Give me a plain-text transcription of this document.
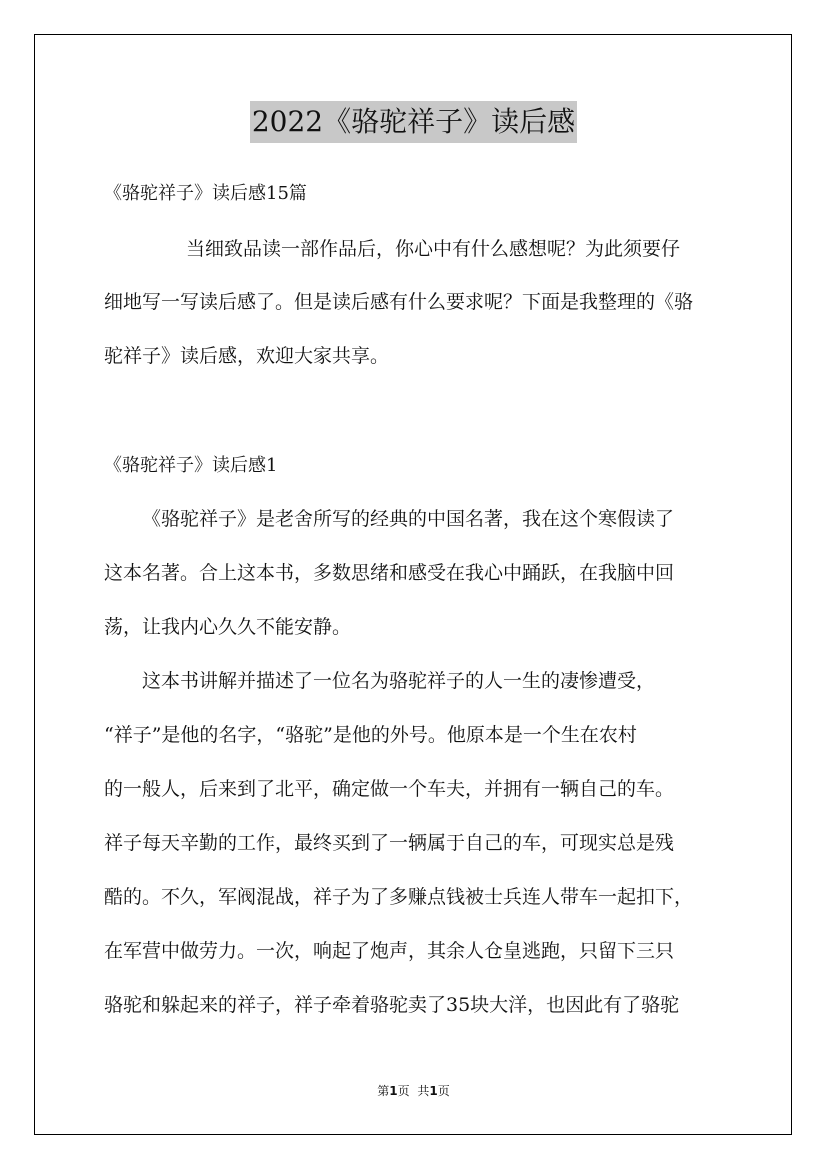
2022《骆驼祥子》读后感
《骆驼祥子》读后感15篇
当细致品读一部作品后，你心中有什么感想呢？为此须要仔
细地写一写读后感了。但是读后感有什么要求呢？下面是我整理的《骆
驼祥子》读后感，欢迎大家共享。
《骆驼祥子》读后感1
《骆驼祥子》是老舍所写的经典的中国名著，我在这个寒假读了
这本名著。合上这本书，多数思绪和感受在我心中踊跃，在我脑中回
荡，让我内心久久不能安静。
这本书讲解并描述了一位名为骆驼祥子的人一生的凄惨遭受，
“祥子”是他的名字，“骆驼”是他的外号。他原本是一个生在农村
的一般人，后来到了北平，确定做一个车夫，并拥有一辆自己的车。
祥子每天辛勤的工作，最终买到了一辆属于自己的车，可现实总是残
酷的。不久，军阀混战，祥子为了多赚点钱被士兵连人带车一起扣下，
在军营中做劳力。一次，响起了炮声，其余人仓皇逃跑，只留下三只
骆驼和躲起来的祥子，祥子牵着骆驼卖了35块大洋，也因此有了骆驼
第1页 共1页
